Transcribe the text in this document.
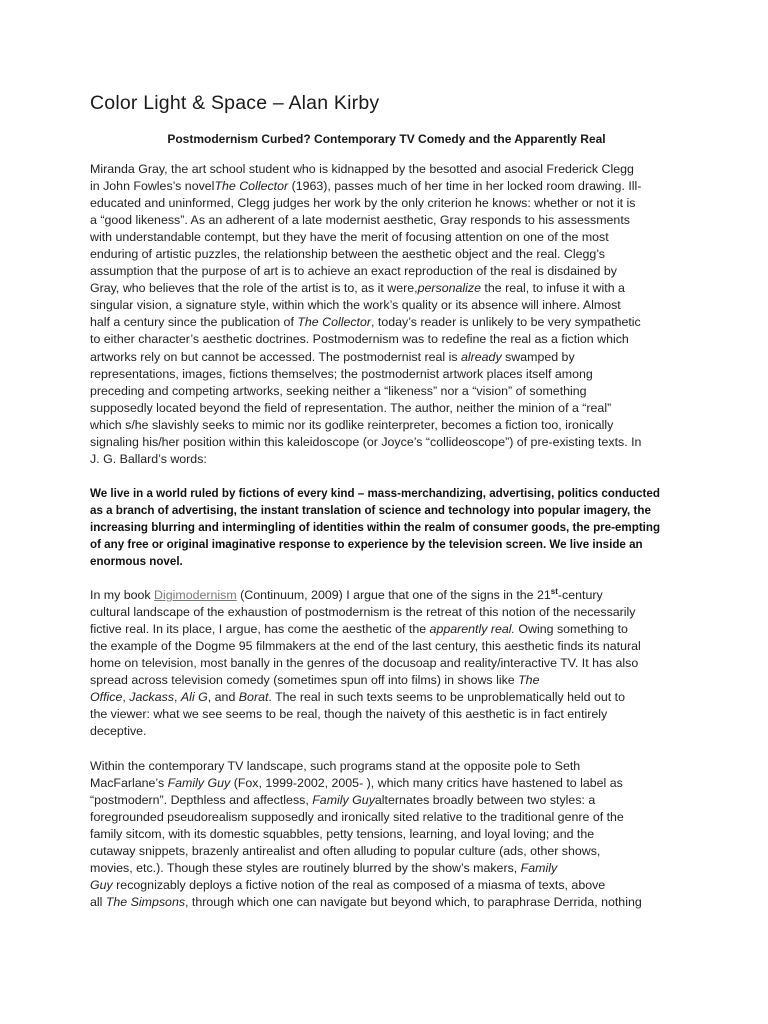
Color Light & Space – Alan Kirby
Postmodernism Curbed? Contemporary TV Comedy and the Apparently Real

Miranda Gray, the art school student who is kidnapped by the besotted and asocial Frederick Clegg
in John Fowles’s novelThe Collector (1963), passes much of her time in her locked room drawing. Ill-
educated and uninformed, Clegg judges her work by the only criterion he knows: whether or not it is
a “good likeness”. As an adherent of a late modernist aesthetic, Gray responds to his assessments
with understandable contempt, but they have the merit of focusing attention on one of the most
enduring of artistic puzzles, the relationship between the aesthetic object and the real. Clegg’s
assumption that the purpose of art is to achieve an exact reproduction of the real is disdained by
Gray, who believes that the role of the artist is to, as it were,personalize the real, to infuse it with a
singular vision, a signature style, within which the work’s quality or its absence will inhere. Almost
half a century since the publication of The Collector, today’s reader is unlikely to be very sympathetic
to either character’s aesthetic doctrines. Postmodernism was to redefine the real as a fiction which
artworks rely on but cannot be accessed. The postmodernist real is already swamped by
representations, images, fictions themselves; the postmodernist artwork places itself among
preceding and competing artworks, seeking neither a “likeness” nor a “vision” of something
supposedly located beyond the field of representation. The author, neither the minion of a “real”
which s/he slavishly seeks to mimic nor its godlike reinterpreter, becomes a fiction too, ironically
signaling his/her position within this kaleidoscope (or Joyce’s “collideoscope”) of pre-existing texts. In
J. G. Ballard’s words:

We live in a world ruled by fictions of every kind – mass-merchandizing, advertising, politics conducted
as a branch of advertising, the instant translation of science and technology into popular imagery, the
increasing blurring and intermingling of identities within the realm of consumer goods, the pre-empting
of any free or original imaginative response to experience by the television screen. We live inside an
enormous novel.

In my book Digimodernism (Continuum, 2009) I argue that one of the signs in the 21st-century
cultural landscape of the exhaustion of postmodernism is the retreat of this notion of the necessarily
fictive real. In its place, I argue, has come the aesthetic of the apparently real. Owing something to
the example of the Dogme 95 filmmakers at the end of the last century, this aesthetic finds its natural
home on television, most banally in the genres of the docusoap and reality/interactive TV. It has also
spread across television comedy (sometimes spun off into films) in shows like The
Office, Jackass, Ali G, and Borat. The real in such texts seems to be unproblematically held out to
the viewer: what we see seems to be real, though the naivety of this aesthetic is in fact entirely
deceptive.

Within the contemporary TV landscape, such programs stand at the opposite pole to Seth
MacFarlane’s Family Guy (Fox, 1999-2002, 2005- ), which many critics have hastened to label as
“postmodern”. Depthless and affectless, Family Guyalternates broadly between two styles: a
foregrounded pseudorealism supposedly and ironically sited relative to the traditional genre of the
family sitcom, with its domestic squabbles, petty tensions, learning, and loyal loving; and the
cutaway snippets, brazenly antirealist and often alluding to popular culture (ads, other shows,
movies, etc.). Though these styles are routinely blurred by the show’s makers, Family
Guy recognizably deploys a fictive notion of the real as composed of a miasma of texts, above
all The Simpsons, through which one can navigate but beyond which, to paraphrase Derrida, nothing
